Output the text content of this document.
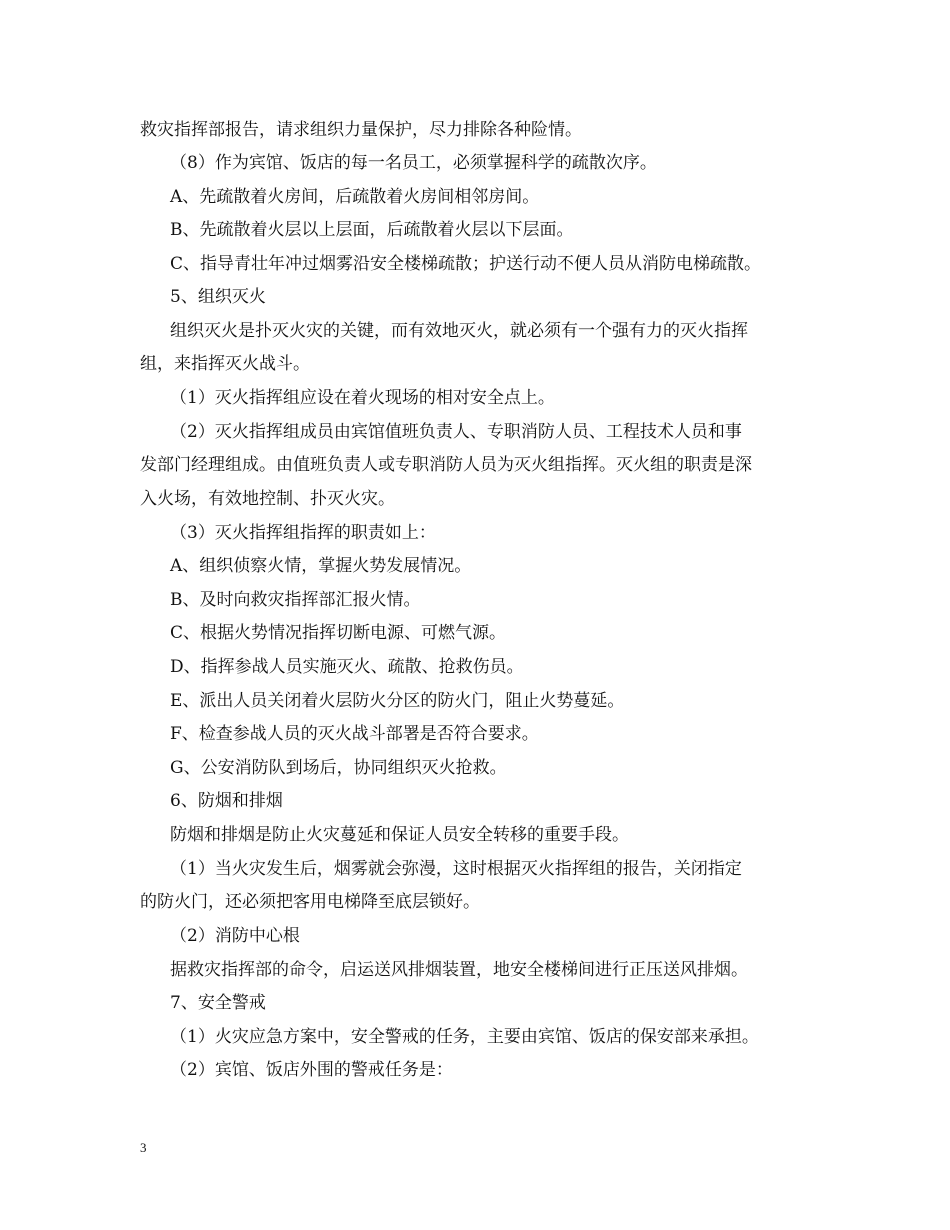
救灾指挥部报告，请求组织力量保护，尽力排除各种险情。
（8）作为宾馆、饭店的每一名员工，必须掌握科学的疏散次序。
A、先疏散着火房间，后疏散着火房间相邻房间。
B、先疏散着火层以上层面，后疏散着火层以下层面。
C、指导青壮年冲过烟雾沿安全楼梯疏散；护送行动不便人员从消防电梯疏散。
5、组织灭火
组织灭火是扑灭火灾的关键，而有效地灭火，就必须有一个强有力的灭火指挥
组，来指挥灭火战斗。
（1）灭火指挥组应设在着火现场的相对安全点上。
（2）灭火指挥组成员由宾馆值班负责人、专职消防人员、工程技术人员和事
发部门经理组成。由值班负责人或专职消防人员为灭火组指挥。灭火组的职责是深
入火场，有效地控制、扑灭火灾。
（3）灭火指挥组指挥的职责如上：
A、组织侦察火情，掌握火势发展情况。
B、及时向救灾指挥部汇报火情。
C、根据火势情况指挥切断电源、可燃气源。
D、指挥参战人员实施灭火、疏散、抢救伤员。
E、派出人员关闭着火层防火分区的防火门，阻止火势蔓延。
F、检查参战人员的灭火战斗部署是否符合要求。
G、公安消防队到场后，协同组织灭火抢救。
6、防烟和排烟
防烟和排烟是防止火灾蔓延和保证人员安全转移的重要手段。
（1）当火灾发生后，烟雾就会弥漫，这时根据灭火指挥组的报告，关闭指定
的防火门，还必须把客用电梯降至底层锁好。
（2）消防中心根
据救灾指挥部的命令，启运送风排烟装置，地安全楼梯间进行正压送风排烟。
7、安全警戒
（1）火灾应急方案中，安全警戒的任务，主要由宾馆、饭店的保安部来承担。
（2）宾馆、饭店外围的警戒任务是：
3
